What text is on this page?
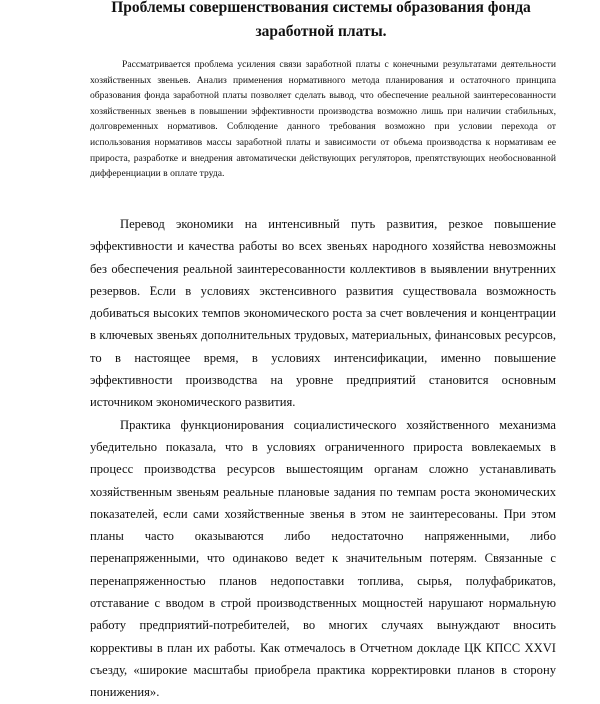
Проблемы совершенствования системы образования фонда заработной платы.

Рассматривается проблема усиления связи заработной платы с конечными результатами деятельности хозяйственных звеньев. Анализ применения нормативного метода планирования и остаточного принципа образования фонда заработной платы позволяет сделать вывод, что обеспечение реальной заинтересованности хозяйственных звеньев в повышении эффективности производства возможно лишь при наличии стабильных, долговременных нормативов. Соблюдение данного требования возможно при условии перехода от использования нормативов массы заработной платы и зависимости от объема производства к нормативам ее прироста, разработке и внедрения автоматически действующих регуляторов, препятствующих необоснованной дифференциации в оплате труда.

Перевод экономики на интенсивный путь развития, резкое повышение эффективности и качества работы во всех звеньях народного хозяйства невозможны без обеспечения реальной заинтересованности коллективов в выявлении внутренних резервов. Если в условиях экстенсивного развития существовала возможность добиваться высоких темпов экономического роста за счет вовлечения и концентрации в ключевых звеньях дополнительных трудовых, материальных, финансовых ресурсов, то в настоящее время, в условиях интенсификации, именно повышение эффективности производства на уровне предприятий становится основным источником экономического развития.

Практика функционирования социалистического хозяйственного механизма убедительно показала, что в условиях ограниченного прироста вовлекаемых в процесс производства ресурсов вышестоящим органам сложно устанавливать хозяйственным звеньям реальные плановые задания по темпам роста экономических показателей, если сами хозяйственные звенья в этом не заинтересованы. При этом планы часто оказываются либо недостаточно напряженными, либо перенапряженными, что одинаково ведет к значительным потерям. Связанные с перенапряженностью планов недопоставки топлива, сырья, полуфабрикатов, отставание с вводом в строй производственных мощностей нарушают нормальную работу предприятий-потребителей, во многих случаях вынуждают вносить коррективы в план их работы. Как отмечалось в Отчетном докладе ЦК КПСС XXVI съезду, «широкие масштабы приобрела практика корректировки планов в сторону понижения».
